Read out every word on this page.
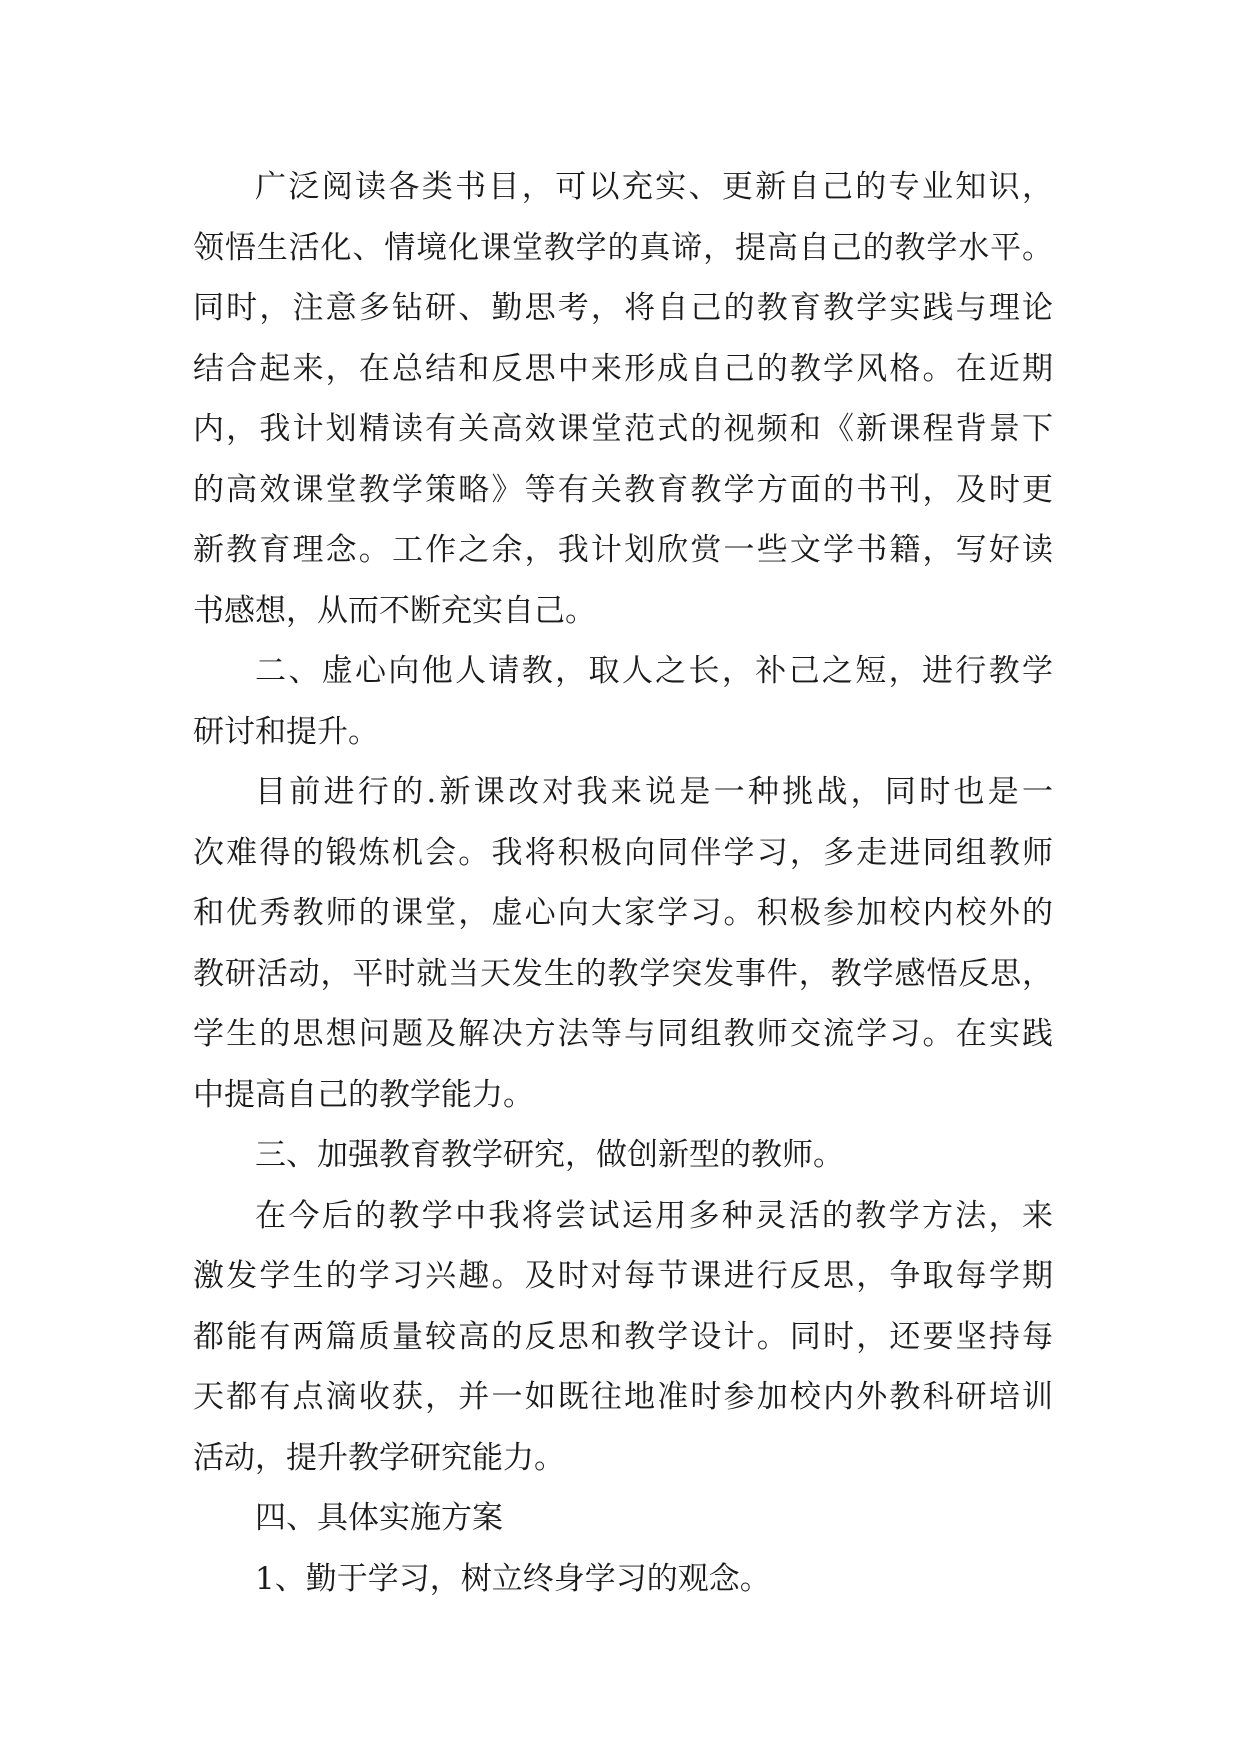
广泛阅读各类书目，可以充实、更新自己的专业知识，
领悟生活化、情境化课堂教学的真谛，提高自己的教学水平。
同时，注意多钻研、勤思考，将自己的教育教学实践与理论
结合起来，在总结和反思中来形成自己的教学风格。在近期
内，我计划精读有关高效课堂范式的视频和《新课程背景下
的高效课堂教学策略》等有关教育教学方面的书刊，及时更
新教育理念。工作之余，我计划欣赏一些文学书籍，写好读
书感想，从而不断充实自己。
二、虚心向他人请教，取人之长，补己之短，进行教学
研讨和提升。
目前进行的.新课改对我来说是一种挑战，同时也是一
次难得的锻炼机会。我将积极向同伴学习，多走进同组教师
和优秀教师的课堂，虚心向大家学习。积极参加校内校外的
教研活动，平时就当天发生的教学突发事件，教学感悟反思，
学生的思想问题及解决方法等与同组教师交流学习。在实践
中提高自己的教学能力。
三、加强教育教学研究，做创新型的教师。
在今后的教学中我将尝试运用多种灵活的教学方法，来
激发学生的学习兴趣。及时对每节课进行反思，争取每学期
都能有两篇质量较高的反思和教学设计。同时，还要坚持每
天都有点滴收获，并一如既往地准时参加校内外教科研培训
活动，提升教学研究能力。
四、具体实施方案
1、勤于学习，树立终身学习的观念。
